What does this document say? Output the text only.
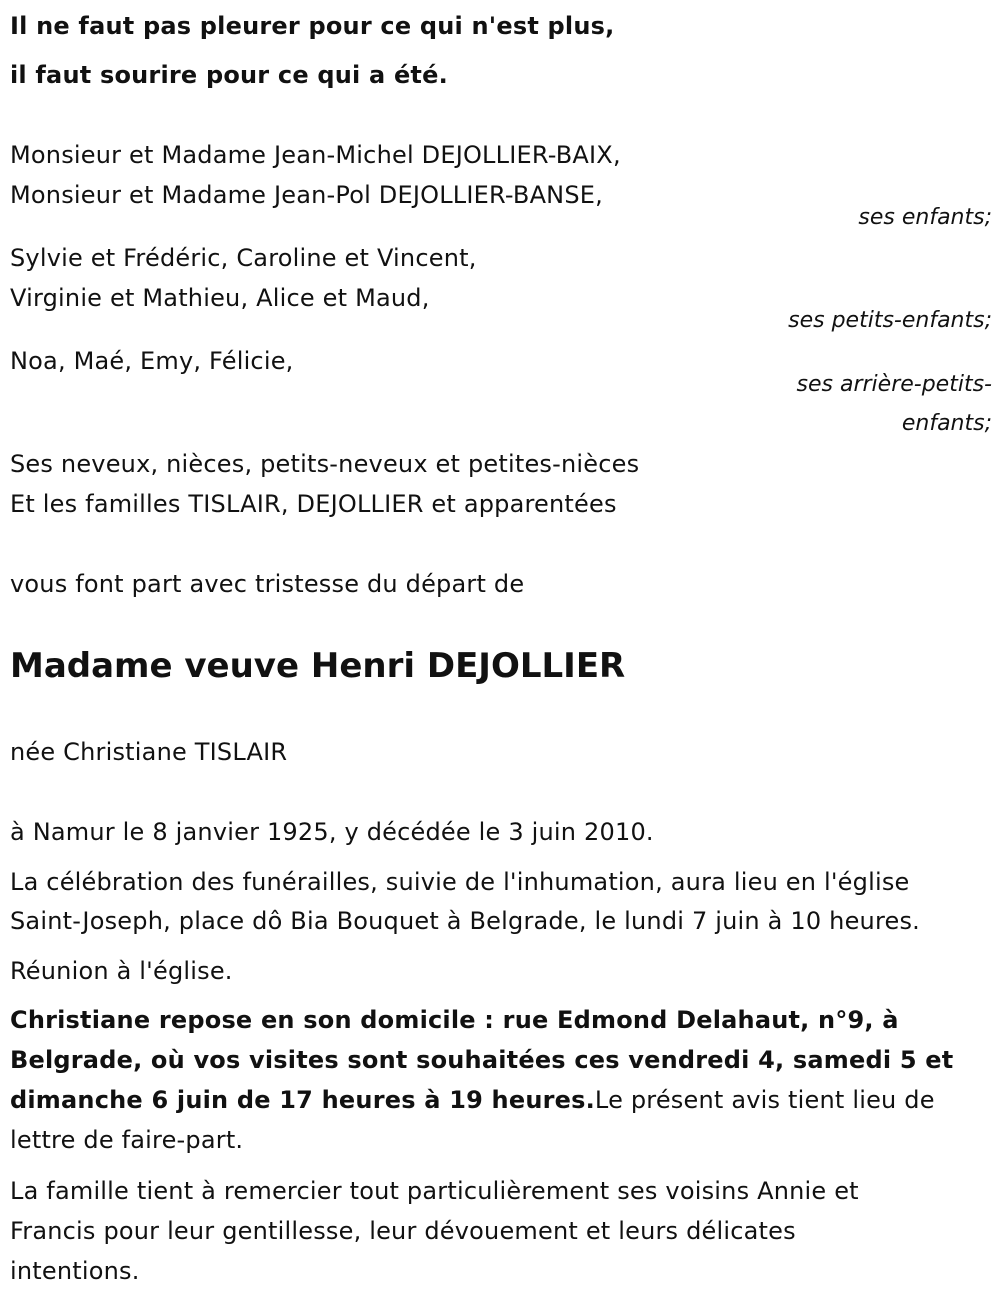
Il ne faut pas pleurer pour ce qui n'est plus,
il faut sourire pour ce qui a été.
Monsieur et Madame Jean-Michel DEJOLLIER-BAIX,
Monsieur et Madame Jean-Pol DEJOLLIER-BANSE,
ses enfants;
Sylvie et Frédéric, Caroline et Vincent,
Virginie et Mathieu, Alice et Maud,
ses petits-enfants;
Noa, Maé, Emy, Félicie,
ses arrière-petits-
enfants;
Ses neveux, nièces, petits-neveux et petites-nièces
Et les familles TISLAIR, DEJOLLIER et apparentées
vous font part avec tristesse du départ de
Madame veuve Henri DEJOLLIER
née Christiane TISLAIR
à Namur le 8 janvier 1925, y décédée le 3 juin 2010.
La célébration des funérailles, suivie de l'inhumation, aura lieu en l'église
Saint-Joseph, place dô Bia Bouquet à Belgrade, le lundi 7 juin à 10 heures.
Réunion à l'église.
Christiane repose en son domicile : rue Edmond Delahaut, n°9, à
Belgrade, où vos visites sont souhaitées ces vendredi 4, samedi 5 et
dimanche 6 juin de 17 heures à 19 heures.Le présent avis tient lieu de
lettre de faire-part.
La famille tient à remercier tout particulièrement ses voisins Annie et
Francis pour leur gentillesse, leur dévouement et leurs délicates
intentions.
